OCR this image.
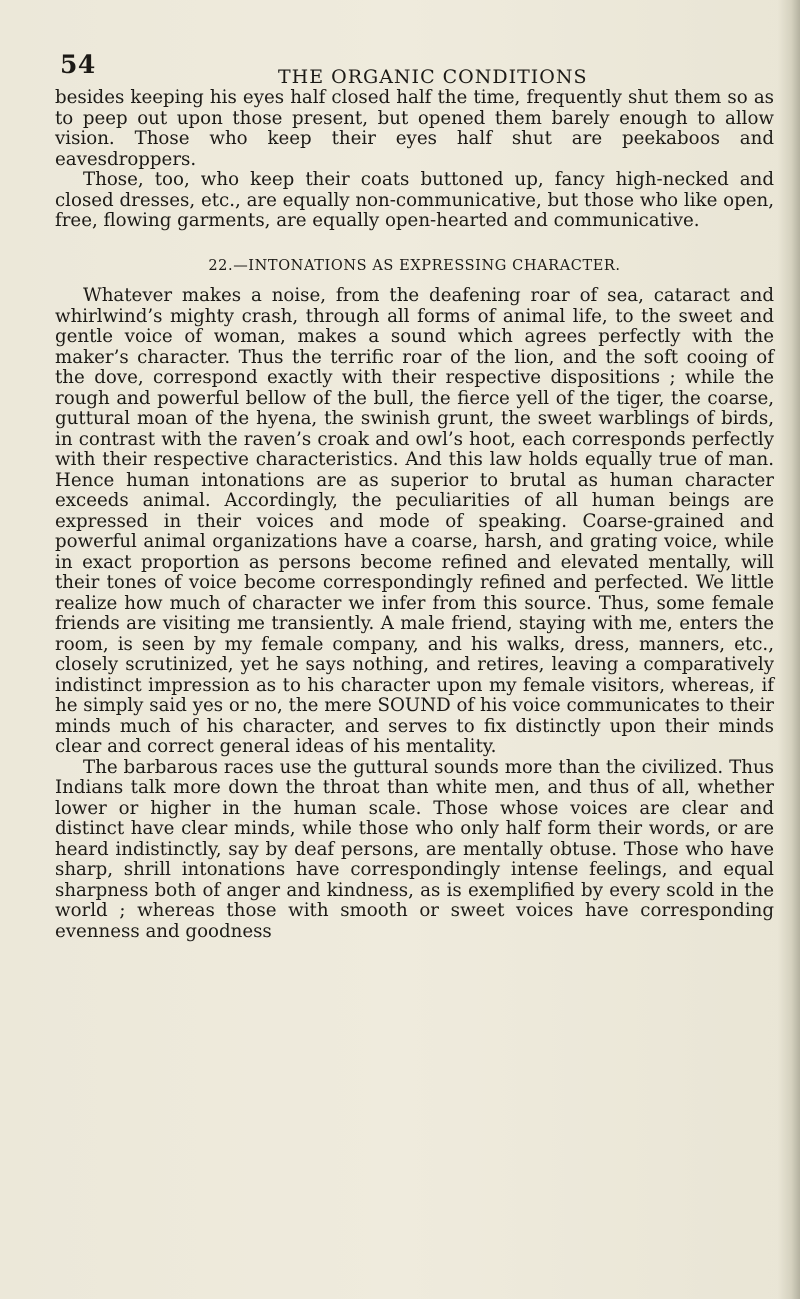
54	THE ORGANIC CONDITIONS

besides keeping his eyes half closed half the time, frequently shut them so as to peep out upon those present, but opened them barely enough to allow vision. Those who keep their eyes half shut are peekaboos and eavesdroppers.

Those, too, who keep their coats buttoned up, fancy high-necked and closed dresses, etc., are equally non-communicative, but those who like open, free, flowing garments, are equally open-hearted and communicative.

22.—INTONATIONS AS EXPRESSING CHARACTER.

Whatever makes a noise, from the deafening roar of sea, cataract and whirlwind’s mighty crash, through all forms of animal life, to the sweet and gentle voice of woman, makes a sound which agrees perfectly with the maker’s character. Thus the terrific roar of the lion, and the soft cooing of the dove, correspond exactly with their respective dispositions ; while the rough and powerful bellow of the bull, the fierce yell of the tiger, the coarse, guttural moan of the hyena, the swinish grunt, the sweet warblings of birds, in contrast with the raven’s croak and owl’s hoot, each corresponds perfectly with their respective characteristics. And this law holds equally true of man. Hence human intonations are as superior to brutal as human character exceeds animal. Accordingly, the peculiarities of all human beings are expressed in their voices and mode of speaking. Coarse-grained and powerful animal organizations have a coarse, harsh, and grating voice, while in exact proportion as persons become refined and elevated mentally, will their tones of voice become correspondingly refined and perfected. We little realize how much of character we infer from this source. Thus, some female friends are visiting me transiently. A male friend, staying with me, enters the room, is seen by my female company, and his walks, dress, manners, etc., closely scrutinized, yet he says nothing, and retires, leaving a comparatively indistinct impression as to his character upon my female visitors, whereas, if he simply said yes or no, the mere SOUND of his voice communicates to their minds much of his character, and serves to fix distinctly upon their minds clear and correct general ideas of his mentality.

The barbarous races use the guttural sounds more than the civilized. Thus Indians talk more down the throat than white men, and thus of all, whether lower or higher in the human scale. Those whose voices are clear and distinct have clear minds, while those who only half form their words, or are heard indistinctly, say by deaf persons, are mentally obtuse. Those who have sharp, shrill intonations have correspondingly intense feelings, and equal sharpness both of anger and kindness, as is exemplified by every scold in the world ; whereas those with smooth or sweet voices have corresponding evenness and goodness
